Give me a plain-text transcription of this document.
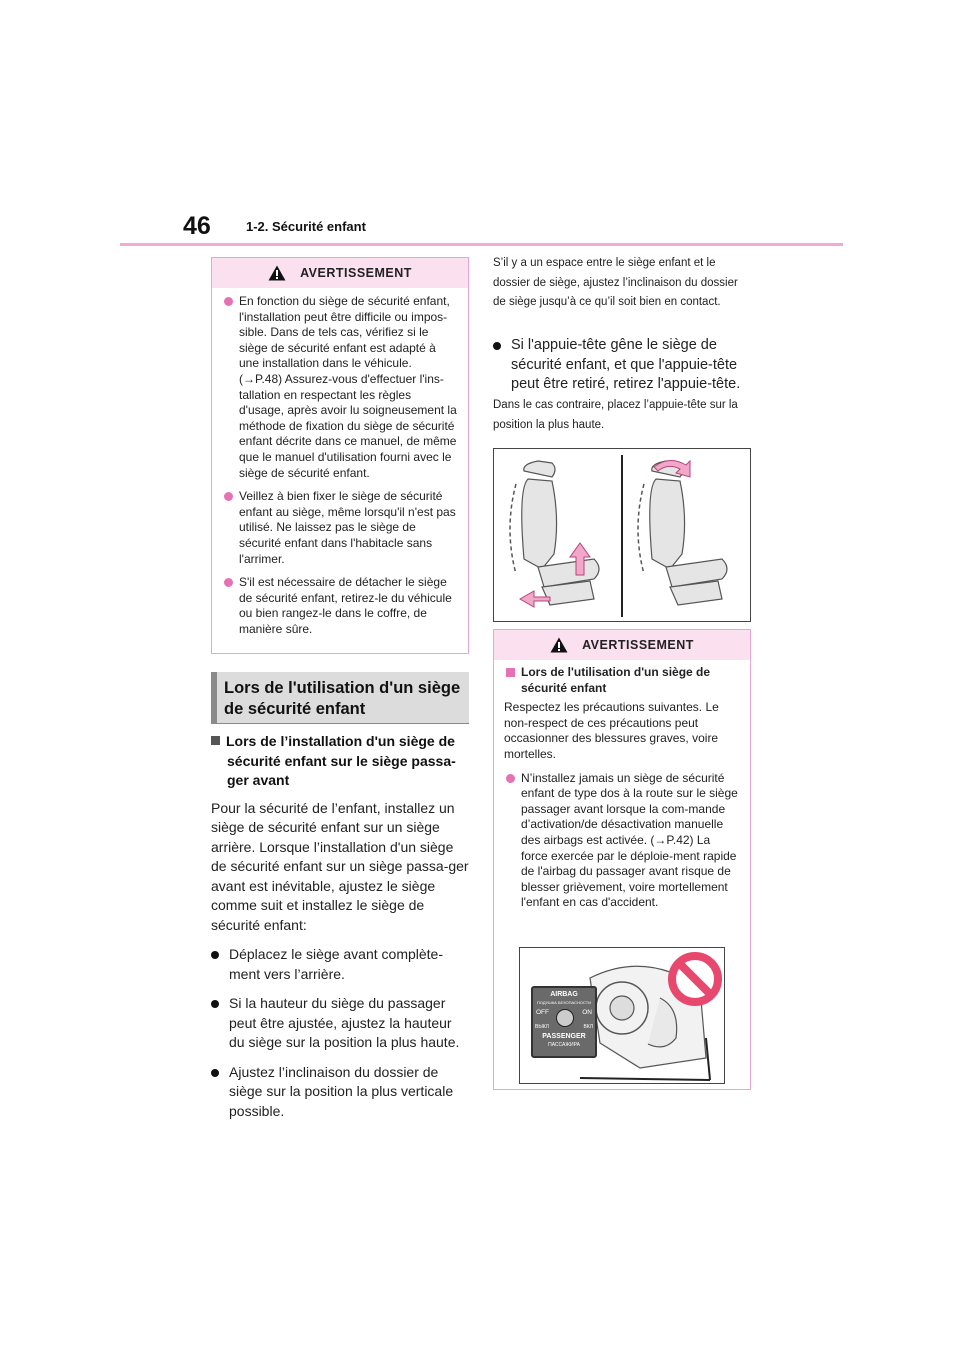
46	1-2. Sécurité enfant
AVERTISSEMENT
En fonction du siège de sécurité enfant, l'installation peut être difficile ou impos-sible. Dans de tels cas, vérifiez si le siège de sécurité enfant est adapté à une installation dans le véhicule. (→P.48) Assurez-vous d'effectuer l'ins-tallation en respectant les règles d'usage, après avoir lu soigneusement la méthode de fixation du siège de sécurité enfant décrite dans ce manuel, de même que le manuel d'utilisation fourni avec le siège de sécurité enfant.
Veillez à bien fixer le siège de sécurité enfant au siège, même lorsqu'il n'est pas utilisé. Ne laissez pas le siège de sécurité enfant dans l'habitacle sans l'arrimer.
S'il est nécessaire de détacher le siège de sécurité enfant, retirez-le du véhicule ou bien rangez-le dans le coffre, de manière sûre.
Lors de l'utilisation d'un siège de sécurité enfant
Lors de l’installation d'un siège de sécurité enfant sur le siège passa-ger avant
Pour la sécurité de l’enfant, installez un siège de sécurité enfant sur un siège arrière. Lorsque l’installation d'un siège de sécurité enfant sur un siège passa-ger avant est inévitable, ajustez le siège comme suit et installez le siège de sécurité enfant:
Déplacez le siège avant complète-ment vers l’arrière.
Si la hauteur du siège du passager peut être ajustée, ajustez la hauteur du siège sur la position la plus haute.
Ajustez l’inclinaison du dossier de siège sur la position la plus verticale possible.
S’il y a un espace entre le siège enfant et le dossier de siège, ajustez l’inclinaison du dossier de siège jusqu’à ce qu’il soit bien en contact.
Si l'appuie-tête gêne le siège de sécurité enfant, et que l'appuie-tête peut être retiré, retirez l'appuie-tête.
Dans le cas contraire, placez l’appuie-tête sur la position la plus haute.
AVERTISSEMENT
Lors de l'utilisation d'un siège de sécurité enfant
Respectez les précautions suivantes. Le non-respect de ces précautions peut occasionner des blessures graves, voire mortelles.
N’installez jamais un siège de sécurité enfant de type dos à la route sur le siège passager avant lorsque la com-mande d’activation/de désactivation manuelle des airbags est activée. (→P.42) La force exercée par le déploie-ment rapide de l'airbag du passager avant risque de blesser grièvement, voire mortellement l'enfant en cas d'accident.
AIRBAG
ПОДУШКА БЕЗОПАСНОСТИ
OFF	ON
ВЫКЛ	ВКЛ
PASSENGER
ПАССАЖИРА
